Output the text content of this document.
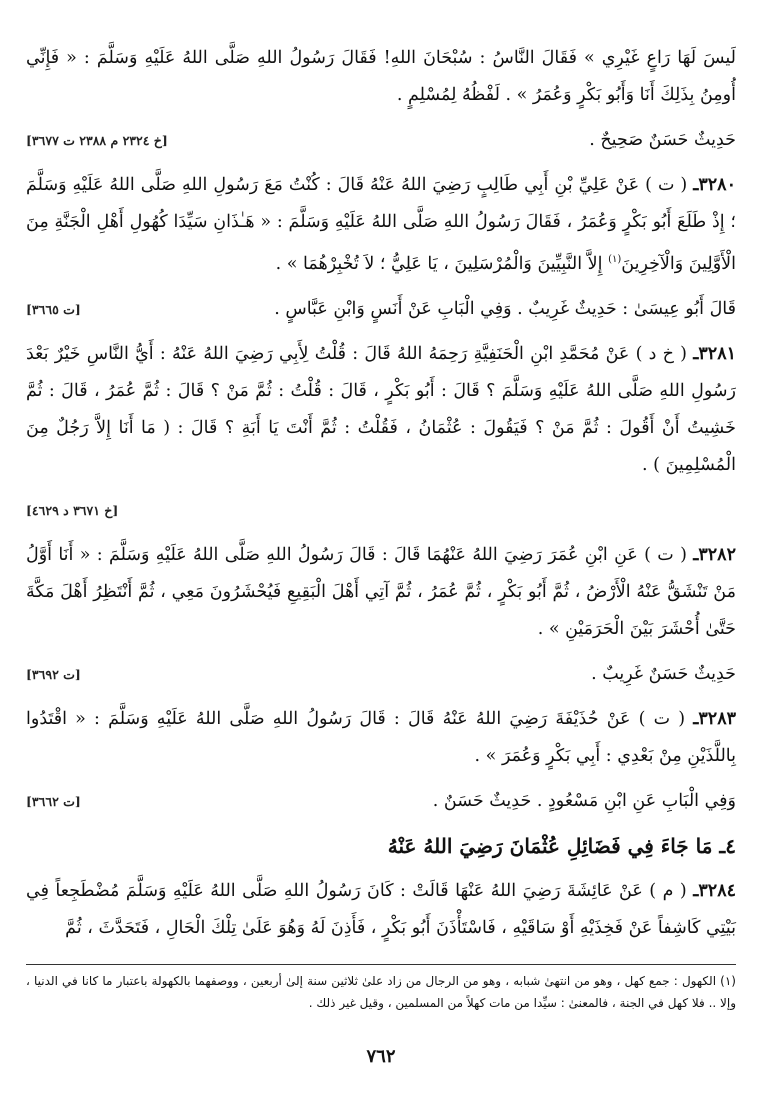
لَيسَ لَهَا رَاعٍ غَيْرِي » فَقَالَ النَّاسُ : سُبْحَانَ اللهِ! فَقَالَ رَسُولُ اللهِ صَلَّى اللهُ عَلَيْهِ وَسَلَّمَ : « فَإِنِّي أُومِنُ بِذَلِكَ أَنَا وَأَبُو بَكْرٍ وَعُمَرُ » . لَفْظُهُ لِمُسْلِمٍ .

حَدِيثٌ حَسَنٌ صَحِيحٌ .
[خ ٢٣٢٤ م ٢٣٨٨ ت ٣٦٧٧]

٣٢٨٠ـ ( ت ) عَنْ عَلِيِّ بْنِ أَبِي طَالِبٍ رَضِيَ اللهُ عَنْهُ قَالَ : كُنْتُ مَعَ رَسُولِ اللهِ صَلَّى اللهُ عَلَيْهِ وَسَلَّمَ ؛ إِذْ طَلَعَ أَبُو بَكْرٍ وَعُمَرُ ، فَقَالَ رَسُولُ اللهِ صَلَّى اللهُ عَلَيْهِ وَسَلَّمَ : « هَـٰذَانِ سَيِّدَا كُهُولِ أَهْلِ الْجَنَّةِ مِنَ الْأَوَّلِينَ وَالْآخِرِينَ$^{(١)}$ إِلاَّ النَّبِيِّينَ وَالْمُرْسَلِينَ ، يَا عَلِيُّ ؛ لاَ تُخْبِرْهُمَا » .

قَالَ أَبُو عِيسَىٰ : حَدِيثٌ غَرِيبٌ . وَفِي الْبَابِ عَنْ أَنَسٍ وَابْنِ عَبَّاسٍ .
[ت ٣٦٦٥]

٣٢٨١ـ ( خ د ) عَنْ مُحَمَّدِ ابْنِ الْحَنَفِيَّةِ رَحِمَهُ اللهُ قَالَ : قُلْتُ لِأَبِي رَضِيَ اللهُ عَنْهُ : أَيُّ النَّاسِ خَيْرٌ بَعْدَ رَسُولِ اللهِ صَلَّى اللهُ عَلَيْهِ وَسَلَّمَ ؟ قَالَ : أَبُو بَكْرٍ ، قَالَ : قُلْتُ : ثُمَّ مَنْ ؟ قَالَ : ثُمَّ عُمَرُ ، قَالَ : ثُمَّ خَشِيتُ أَنْ أَقُولَ : ثُمَّ مَنْ ؟ فَيَقُولَ : عُثْمَانُ ، فَقُلْتُ : ثُمَّ أَنْتَ يَا أَبَةِ ؟ قَالَ : ( مَا أَنَا إِلاَّ رَجُلٌ مِنَ الْمُسْلِمِينَ ) .

[خ ٣٦٧١ د ٤٦٢٩]

٣٢٨٢ـ ( ت ) عَنِ ابْنِ عُمَرَ رَضِيَ اللهُ عَنْهُمَا قَالَ : قَالَ رَسُولُ اللهِ صَلَّى اللهُ عَلَيْهِ وَسَلَّمَ : « أَنَا أَوَّلُ مَنْ تَنْشَقُّ عَنْهُ الْأَرْضُ ، ثُمَّ أَبُو بَكْرٍ ، ثُمَّ عُمَرُ ، ثُمَّ آتِي أَهْلَ الْبَقِيعِ فَيُحْشَرُونَ مَعِي ، ثُمَّ أَنْتَظِرُ أَهْلَ مَكَّةَ حَتَّىٰ أُحْشَرَ بَيْنَ الْحَرَمَيْنِ » .

حَدِيثٌ حَسَنٌ غَرِيبٌ .
[ت ٣٦٩٢]

٣٢٨٣ـ ( ت ) عَنْ حُذَيْفَةَ رَضِيَ اللهُ عَنْهُ قَالَ : قَالَ رَسُولُ اللهِ صَلَّى اللهُ عَلَيْهِ وَسَلَّمَ : « اقْتَدُوا بِاللَّذَيْنِ مِنْ بَعْدِي : أَبِي بَكْرٍ وَعُمَرَ » .

وَفِي الْبَابِ عَنِ ابْنِ مَسْعُودٍ . حَدِيثٌ حَسَنٌ .
[ت ٣٦٦٢]
٤ـ مَا جَاءَ فِي فَضَائِلِ عُثْمَانَ رَضِيَ اللهُ عَنْهُ

٣٢٨٤ـ ( م ) عَنْ عَائِشَةَ رَضِيَ اللهُ عَنْهَا قَالَتْ : كَانَ رَسُولُ اللهِ صَلَّى اللهُ عَلَيْهِ وَسَلَّمَ مُضْطَجِعاً فِي بَيْتِي كَاشِفاً عَنْ فَخِذَيْهِ أَوْ سَاقَيْهِ ، فَاسْتَأْذَنَ أَبُو بَكْرٍ ، فَأَذِنَ لَهُ وَهُوَ عَلَىٰ تِلْكَ الْحَالِ ، فَتَحَدَّثَ ، ثُمَّ

(١) الكهول : جمع كهل ، وهو من انتهىٰ شبابه ، وهو من الرجال من زاد علىٰ ثلاثين سنة إلىٰ أربعين ، ووصفهما بالكهولة باعتبار ما كانا في الدنيا ، وإلا .. فلا كهل في الجنة ، فالمعنىٰ : سيِّدا من مات كهلاً من المسلمين ، وقيل غير ذلك .
٧٦٢
